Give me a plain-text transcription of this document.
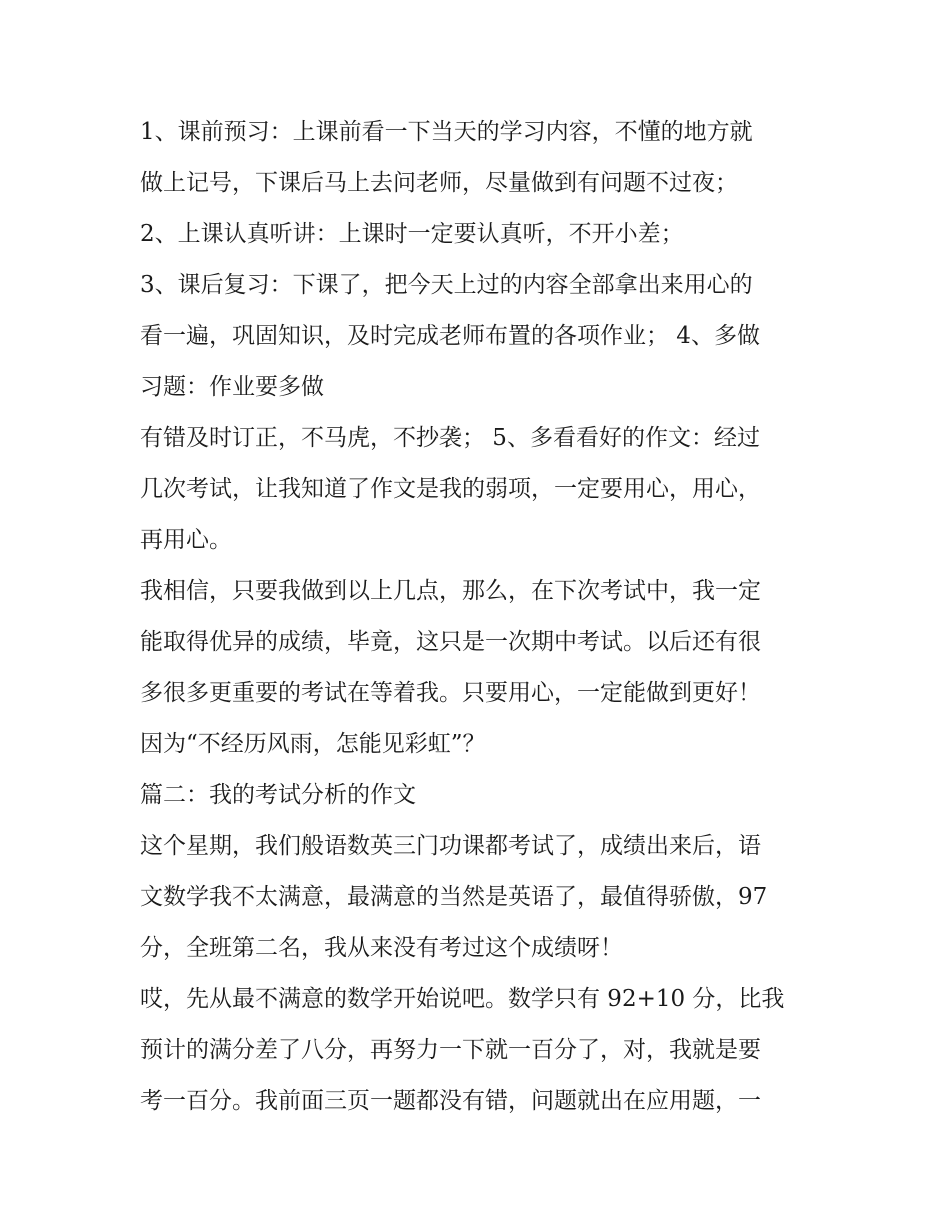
1、课前预习：上课前看一下当天的学习内容，不懂的地方就
做上记号，下课后马上去问老师，尽量做到有问题不过夜；
2、上课认真听讲：上课时一定要认真听，不开小差；
3、课后复习：下课了，把今天上过的内容全部拿出来用心的
看一遍，巩固知识，及时完成老师布置的各项作业； 4、多做
习题：作业要多做
有错及时订正，不马虎，不抄袭； 5、多看看好的作文：经过
几次考试，让我知道了作文是我的弱项，一定要用心，用心，
再用心。
我相信，只要我做到以上几点，那么，在下次考试中，我一定
能取得优异的成绩，毕竟，这只是一次期中考试。以后还有很
多很多更重要的考试在等着我。只要用心，一定能做到更好！
因为“不经历风雨，怎能见彩虹”？
篇二：我的考试分析的作文
这个星期，我们般语数英三门功课都考试了，成绩出来后，语
文数学我不太满意，最满意的当然是英语了，最值得骄傲，97
分，全班第二名，我从来没有考过这个成绩呀！
哎，先从最不满意的数学开始说吧。数学只有 92+10 分，比我
预计的满分差了八分，再努力一下就一百分了，对，我就是要
考一百分。我前面三页一题都没有错，问题就出在应用题，一
